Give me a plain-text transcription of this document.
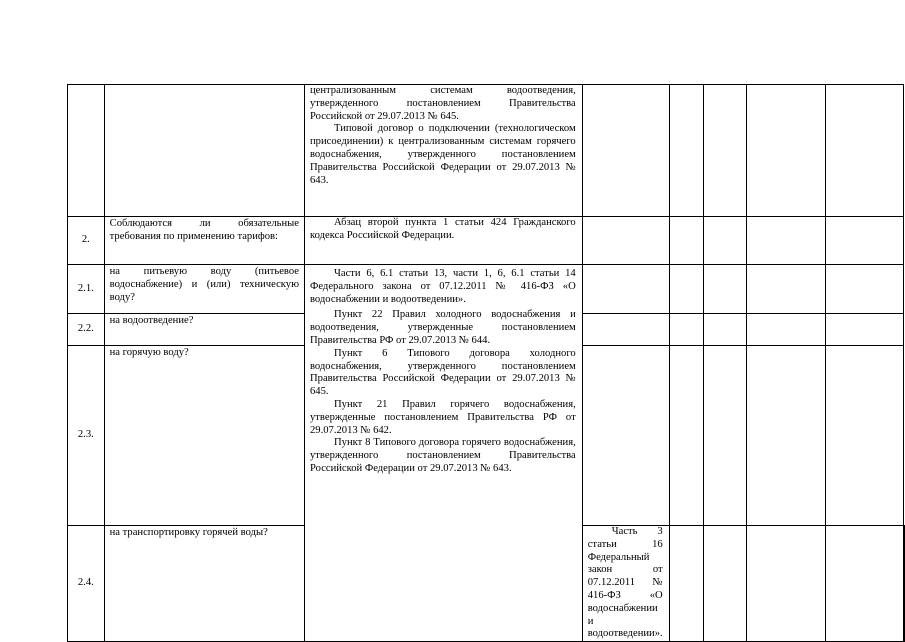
		централизованным системам водоотведения, утвержденного постановлением Правительства Российской от 29.07.2013 № 645.

Типовой договор о подключении (технологическом присоединении) к централизованным системам горячего водоснабжения, утвержденного постановлением Правительства Российской Федерации от 29.07.2013 № 643.						

2.	Соблюдаются ли обязательные требования по применению тарифов:	Абзац второй пункта 1 статьи 424 Гражданского кодекса Российской Федерации.						

2.1.	на питьевую воду (питьевое водоснабжение) и (или) техническую воду?	Части 6, 6.1 статьи 13, части 1, 6, 6.1 статьи 14 Федерального закона от 07.12.2011 № 416-ФЗ «О водоснабжении и водоотведении».

Пункт 22 Правил холодного водоснабжения и водоотведения, утвержденные постановлением Правительства РФ от 29.07.2013 № 644.

Пункт 6 Типового договора холодного водоснабжения, утвержденного постановлением Правительства Российской Федерации от 29.07.2013 № 645.

Пункт 21 Правил горячего водоснабжения, утвержденные постановлением Правительства РФ от 29.07.2013 № 642.

Пункт 8 Типового договора горячего водоснабжения, утвержденного постановлением Правительства Российской Федерации от 29.07.2013 № 643.						

2.2.	на водоотведение?							
2.3.	на горячую воду?							
2.4.	на транспортировку горячей воды?		Часть 3 статьи 16 Федеральный закон от 07.12.2011 № 416-ФЗ «О водоснабжении и водоотведении».					
